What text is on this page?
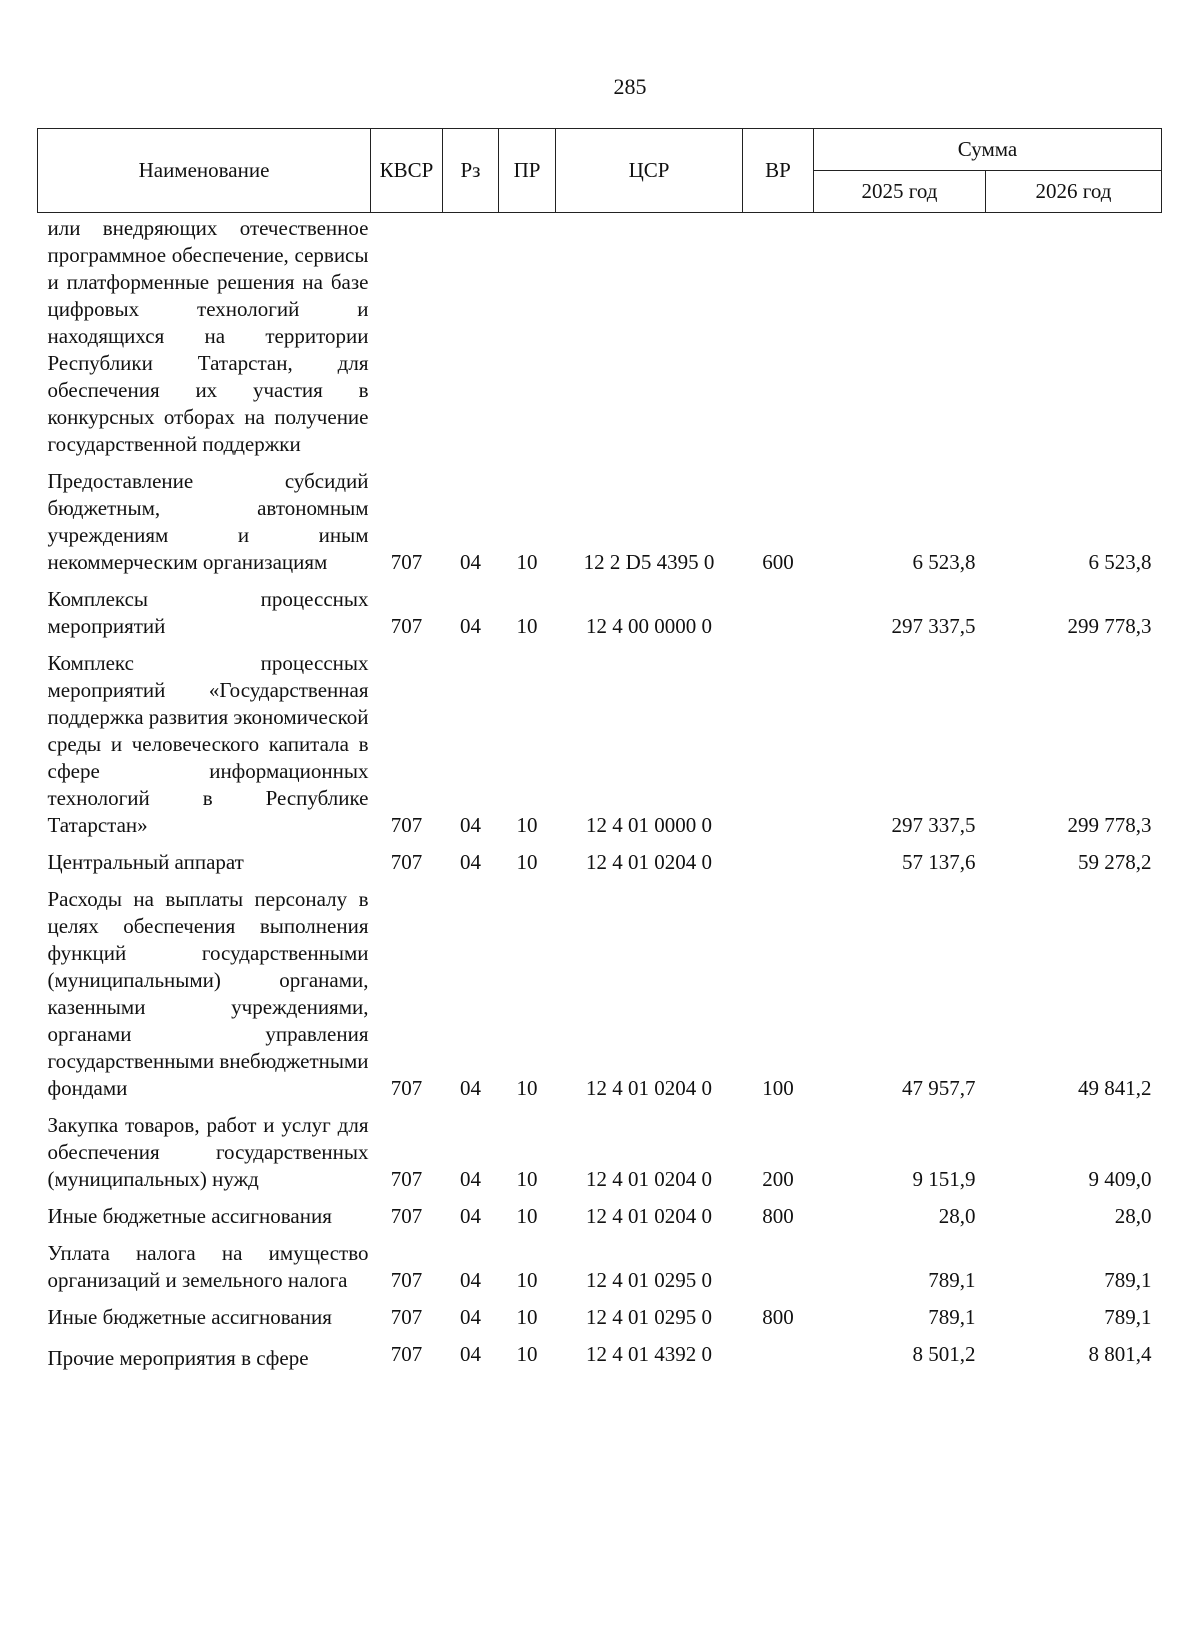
285
Наименование	КВСР	Рз	ПР	ЦСР	ВР	Сумма	
						2025 год	2026 год
или внедряющих отечественное программное обеспечение, сервисы и платформенные решения на базе цифровых технологий и находящихся на территории Республики Татарстан, для обеспечения их участия в конкурсных отборах на получение государственной поддержки							
Предоставление субсидий бюджетным, автономным учреждениям и иным некоммерческим организациям	707	04	10	12 2 D5 4395 0	600	6 523,8	6 523,8
Комплексы процессных мероприятий	707	04	10	12 4 00 0000 0		297 337,5	299 778,3
Комплекс процессных мероприятий «Государственная поддержка развития экономической среды и человеческого капитала в сфере информационных технологий в Республике Татарстан»	707	04	10	12 4 01 0000 0		297 337,5	299 778,3
Центральный аппарат	707	04	10	12 4 01 0204 0		57 137,6	59 278,2
Расходы на выплаты персоналу в целях обеспечения выполнения функций государственными (муниципальными) органами, казенными учреждениями, органами управления государственными внебюджетными фондами	707	04	10	12 4 01 0204 0	100	47 957,7	49 841,2
Закупка товаров, работ и услуг для обеспечения государственных (муниципальных) нужд	707	04	10	12 4 01 0204 0	200	9 151,9	9 409,0
Иные бюджетные ассигнования	707	04	10	12 4 01 0204 0	800	28,0	28,0
Уплата налога на имущество организаций и земельного налога	707	04	10	12 4 01 0295 0		789,1	789,1
Иные бюджетные ассигнования	707	04	10	12 4 01 0295 0	800	789,1	789,1
Прочие мероприятия в сфере	707	04	10	12 4 01 4392 0		8 501,2	8 801,4
